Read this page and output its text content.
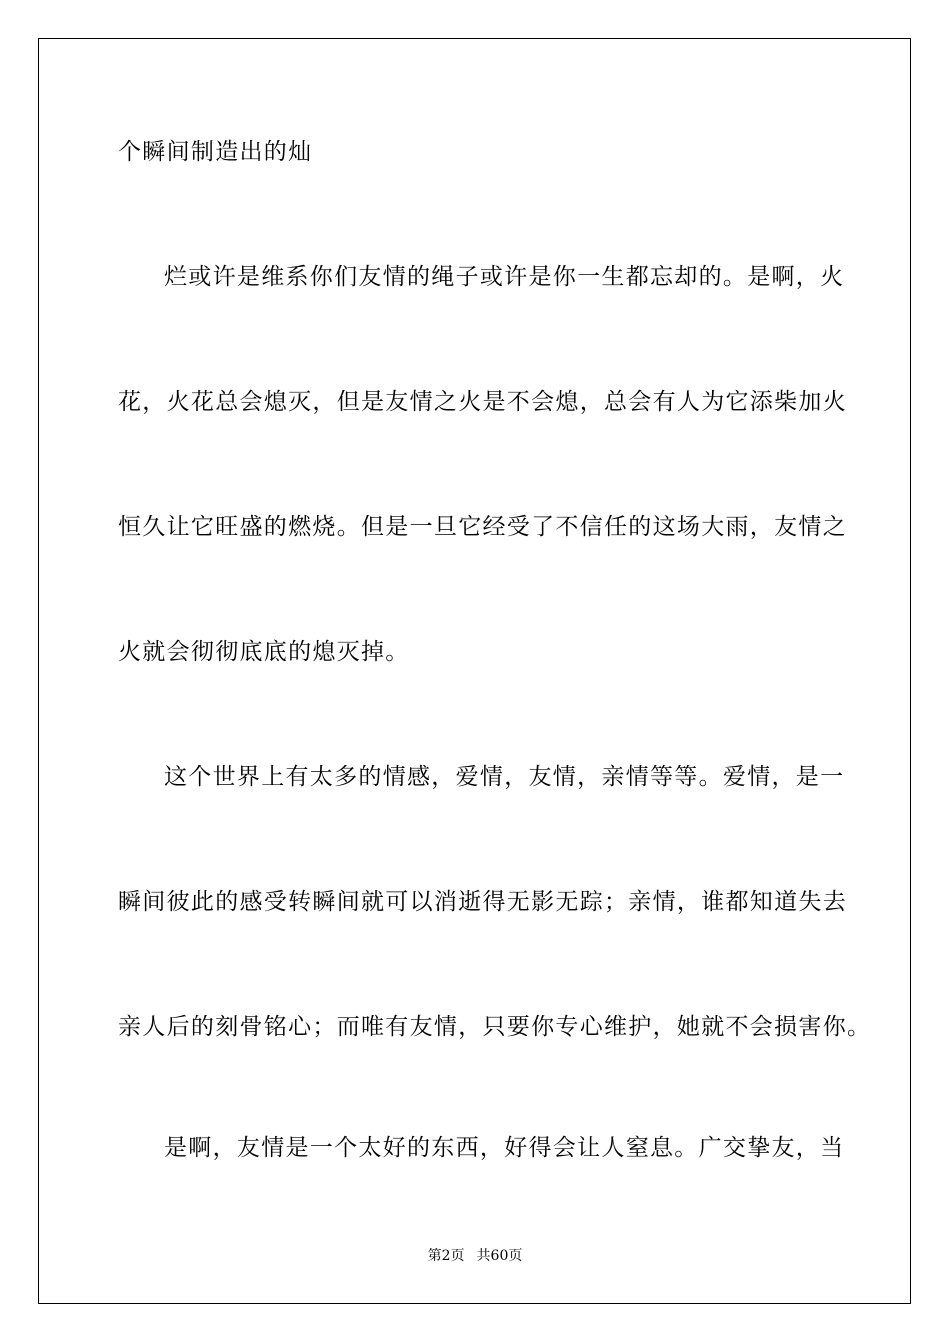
个瞬间制造出的灿

烂或许是维系你们友情的绳子或许是你一生都忘却的。是啊，火

花，火花总会熄灭，但是友情之火是不会熄，总会有人为它添柴加火

恒久让它旺盛的燃烧。但是一旦它经受了不信任的这场大雨，友情之

火就会彻彻底底的熄灭掉。

这个世界上有太多的情感，爱情，友情，亲情等等。爱情，是一

瞬间彼此的感受转瞬间就可以消逝得无影无踪；亲情，谁都知道失去

亲人后的刻骨铭心；而唯有友情，只要你专心维护，她就不会损害你。

是啊，友情是一个太好的东西，好得会让人窒息。广交挚友，当

第2页 共60页
